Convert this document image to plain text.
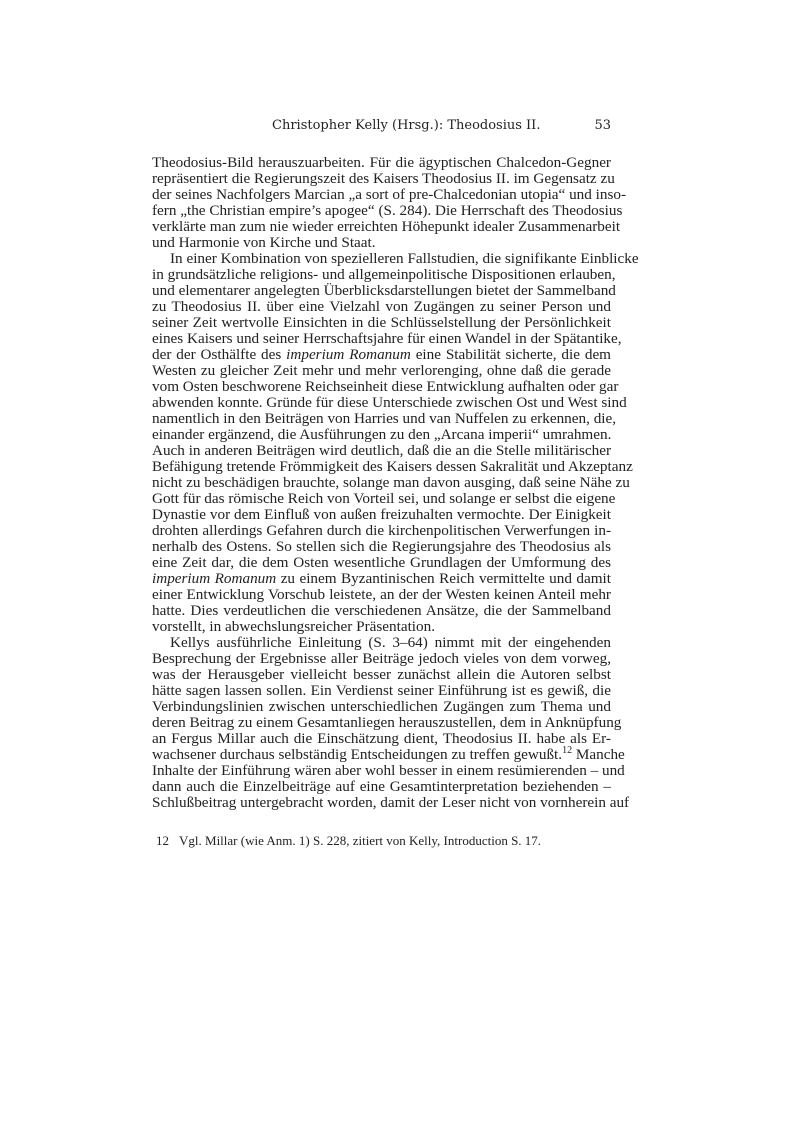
Christopher Kelly (Hrsg.): Theodosius II.	53
Theodosius-Bild herauszuarbeiten. Für die ägyptischen Chalcedon-Gegner
repräsentiert die Regierungszeit des Kaisers Theodosius II. im Gegensatz zu
der seines Nachfolgers Marcian „a sort of pre-Chalcedonian utopia“ und inso-
fern „the Christian empire’s apogee“ (S. 284). Die Herrschaft des Theodosius
verklärte man zum nie wieder erreichten Höhepunkt idealer Zusammenarbeit
und Harmonie von Kirche und Staat.
In einer Kombination von spezielleren Fallstudien, die signifikante Einblicke
in grundsätzliche religions- und allgemeinpolitische Dispositionen erlauben,
und elementarer angelegten Überblicksdarstellungen bietet der Sammelband
zu Theodosius II. über eine Vielzahl von Zugängen zu seiner Person und
seiner Zeit wertvolle Einsichten in die Schlüsselstellung der Persönlichkeit
eines Kaisers und seiner Herrschaftsjahre für einen Wandel in der Spätantike,
der der Osthälfte des imperium Romanum eine Stabilität sicherte, die dem
Westen zu gleicher Zeit mehr und mehr verlorenging, ohne daß die gerade
vom Osten beschworene Reichseinheit diese Entwicklung aufhalten oder gar
abwenden konnte. Gründe für diese Unterschiede zwischen Ost und West sind
namentlich in den Beiträgen von Harries und van Nuffelen zu erkennen, die,
einander ergänzend, die Ausführungen zu den „Arcana imperii“ umrahmen.
Auch in anderen Beiträgen wird deutlich, daß die an die Stelle militärischer
Befähigung tretende Frömmigkeit des Kaisers dessen Sakralität und Akzeptanz
nicht zu beschädigen brauchte, solange man davon ausging, daß seine Nähe zu
Gott für das römische Reich von Vorteil sei, und solange er selbst die eigene
Dynastie vor dem Einfluß von außen freizuhalten vermochte. Der Einigkeit
drohten allerdings Gefahren durch die kirchenpolitischen Verwerfungen in-
nerhalb des Ostens. So stellen sich die Regierungsjahre des Theodosius als
eine Zeit dar, die dem Osten wesentliche Grundlagen der Umformung des
imperium Romanum zu einem Byzantinischen Reich vermittelte und damit
einer Entwicklung Vorschub leistete, an der der Westen keinen Anteil mehr
hatte. Dies verdeutlichen die verschiedenen Ansätze, die der Sammelband
vorstellt, in abwechslungsreicher Präsentation.
Kellys ausführliche Einleitung (S. 3–64) nimmt mit der eingehenden
Besprechung der Ergebnisse aller Beiträge jedoch vieles von dem vorweg,
was der Herausgeber vielleicht besser zunächst allein die Autoren selbst
hätte sagen lassen sollen. Ein Verdienst seiner Einführung ist es gewiß, die
Verbindungslinien zwischen unterschiedlichen Zugängen zum Thema und
deren Beitrag zu einem Gesamtanliegen herauszustellen, dem in Anknüpfung
an Fergus Millar auch die Einschätzung dient, Theodosius II. habe als Er-
wachsener durchaus selbständig Entscheidungen zu treffen gewußt.$^{12}$ Manche
Inhalte der Einführung wären aber wohl besser in einem resümierenden – und
dann auch die Einzelbeiträge auf eine Gesamtinterpretation beziehenden –
Schlußbeitrag untergebracht worden, damit der Leser nicht von vornherein auf
12 Vgl. Millar (wie Anm. 1) S. 228, zitiert von Kelly, Introduction S. 17.
